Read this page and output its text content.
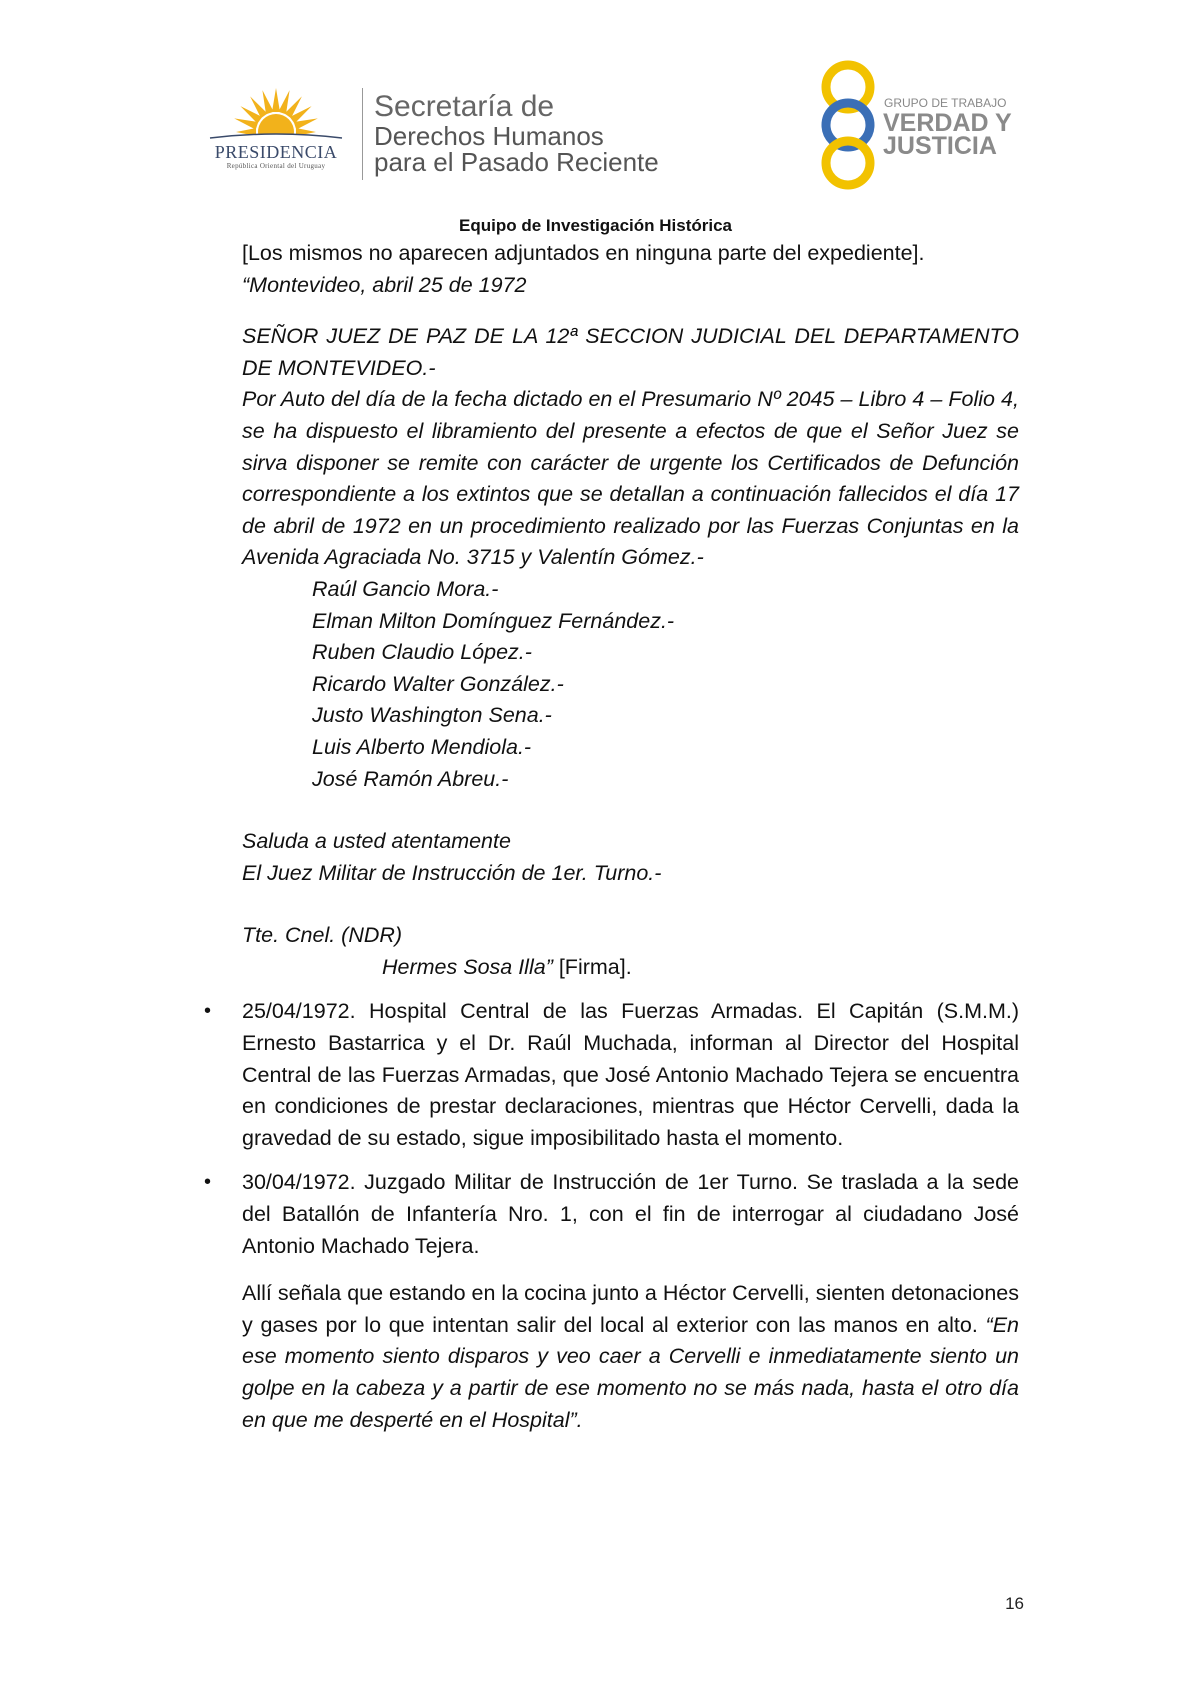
PRESIDENCIA
República Oriental del Uruguay
Secretaría de
Derechos Humanos
para el Pasado Reciente
GRUPO DE TRABAJO
VERDAD Y
JUSTICIA
Equipo de Investigación Histórica

[Los mismos no aparecen adjuntados en ninguna parte del expediente].

“Montevideo, abril 25 de 1972

SEÑOR JUEZ DE PAZ DE LA 12ª SECCION JUDICIAL DEL DEPARTAMENTO DE MONTEVIDEO.-

Por Auto del día de la fecha dictado en el Presumario Nº 2045 – Libro 4 – Folio 4, se ha dispuesto el libramiento del presente a efectos de que el Señor Juez se sirva disponer se remite con carácter de urgente los Certificados de Defunción correspondiente a los extintos que se detallan a continuación fallecidos el día 17 de abril de 1972 en un procedimiento realizado por las Fuerzas Conjuntas en la Avenida Agraciada No. 3715 y Valentín Gómez.-

Raúl Gancio Mora.-

Elman Milton Domínguez Fernández.-

Ruben Claudio López.-

Ricardo Walter González.-

Justo Washington Sena.-

Luis Alberto Mendiola.-

José Ramón Abreu.-

Saluda a usted atentamente

El Juez Militar de Instrucción de 1er. Turno.-

Tte. Cnel. (NDR)

Hermes Sosa Illa” [Firma].

• 25/04/1972. Hospital Central de las Fuerzas Armadas. El Capitán (S.M.M.) Ernesto Bastarrica y el Dr. Raúl Muchada, informan al Director del Hospital Central de las Fuerzas Armadas, que José Antonio Machado Tejera se encuentra en condiciones de prestar declaraciones, mientras que Héctor Cervelli, dada la gravedad de su estado, sigue imposibilitado hasta el momento.

• 30/04/1972. Juzgado Militar de Instrucción de 1er Turno. Se traslada a la sede del Batallón de Infantería Nro. 1, con el fin de interrogar al ciudadano José Antonio Machado Tejera.

Allí señala que estando en la cocina junto a Héctor Cervelli, sienten detonaciones y gases por lo que intentan salir del local al exterior con las manos en alto. “En ese momento siento disparos y veo caer a Cervelli e inmediatamente siento un golpe en la cabeza y a partir de ese momento no se más nada, hasta el otro día en que me desperté en el Hospital”.

16
